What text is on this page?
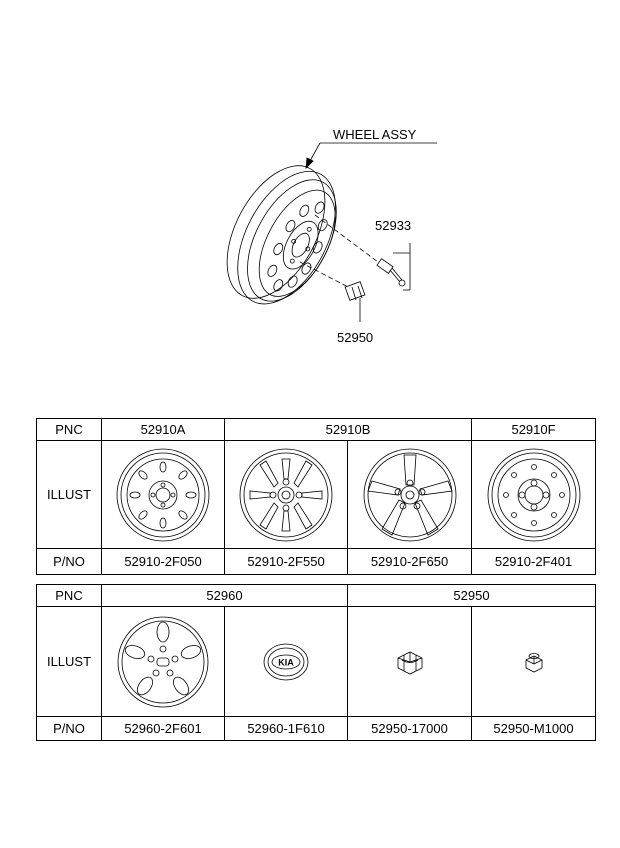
WHEEL ASSY
52933
52950
PNC	52910A	52910B		52910F
ILLUST	

P/NO	52910-2F050	52910-2F550	52910-2F650	52910-2F401
PNC	52960		52950	
ILLUST		KIA

P/NO	52960-2F601	52960-1F610	52950-17000	52950-M1000
